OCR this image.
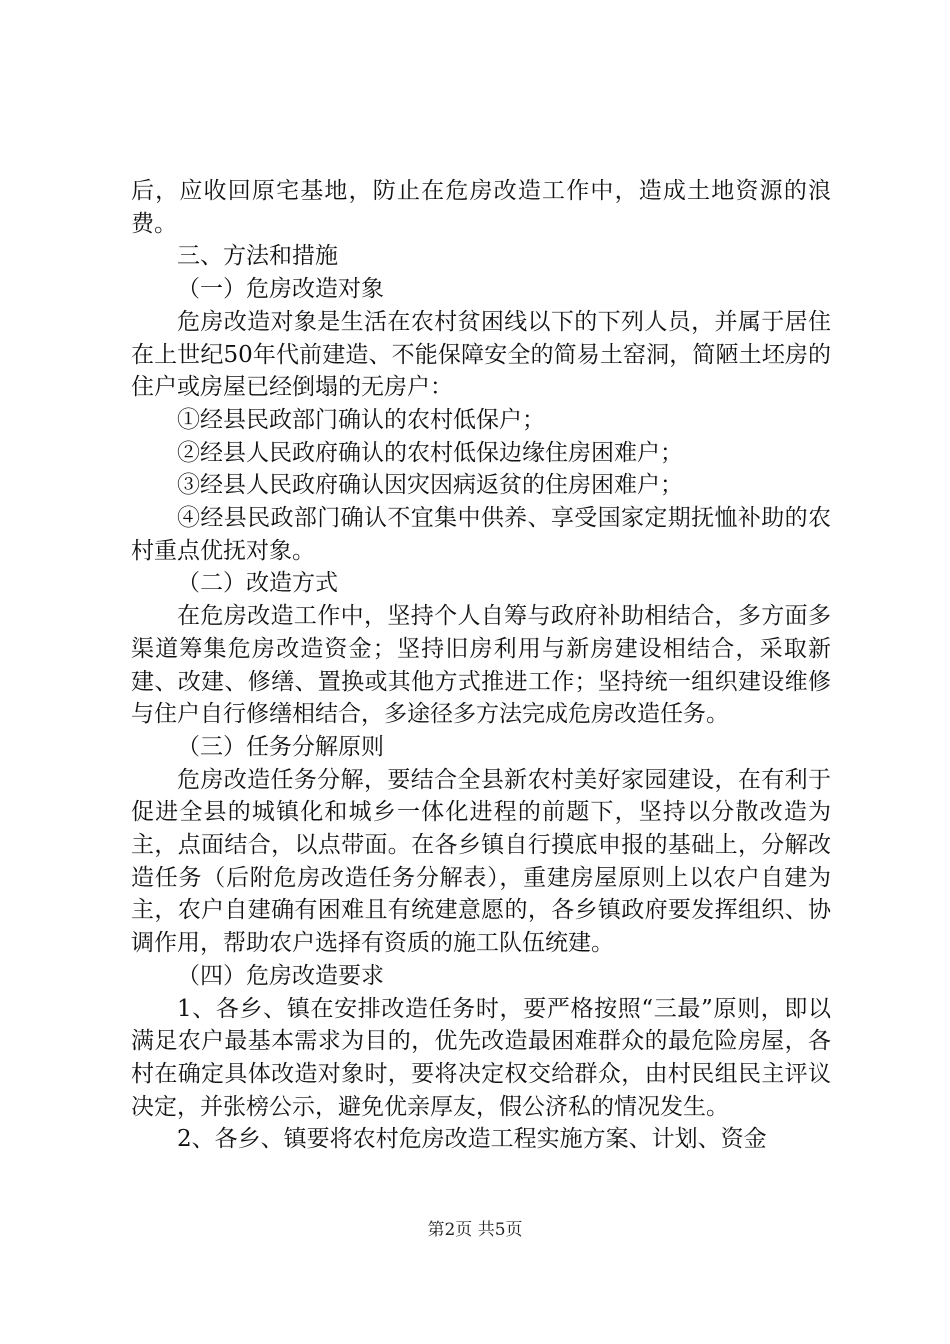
后，应收回原宅基地，防止在危房改造工作中，造成土地资源的浪费。

三、方法和措施

（一）危房改造对象

危房改造对象是生活在农村贫困线以下的下列人员，并属于居住在上世纪50年代前建造、不能保障安全的简易土窑洞，简陋土坯房的住户或房屋已经倒塌的无房户：

①经县民政部门确认的农村低保户；

②经县人民政府确认的农村低保边缘住房困难户；

③经县人民政府确认因灾因病返贫的住房困难户；

④经县民政部门确认不宜集中供养、享受国家定期抚恤补助的农村重点优抚对象。

（二）改造方式

在危房改造工作中，坚持个人自筹与政府补助相结合，多方面多渠道筹集危房改造资金；坚持旧房利用与新房建设相结合，采取新建、改建、修缮、置换或其他方式推进工作；坚持统一组织建设维修与住户自行修缮相结合，多途径多方法完成危房改造任务。

（三）任务分解原则

危房改造任务分解，要结合全县新农村美好家园建设，在有利于促进全县的城镇化和城乡一体化进程的前题下，坚持以分散改造为主，点面结合，以点带面。在各乡镇自行摸底申报的基础上，分解改造任务（后附危房改造任务分解表），重建房屋原则上以农户自建为主，农户自建确有困难且有统建意愿的，各乡镇政府要发挥组织、协调作用，帮助农户选择有资质的施工队伍统建。

（四）危房改造要求

1、各乡、镇在安排改造任务时，要严格按照“三最”原则，即以满足农户最基本需求为目的，优先改造最困难群众的最危险房屋，各村在确定具体改造对象时，要将决定权交给群众，由村民组民主评议决定，并张榜公示，避免优亲厚友，假公济私的情况发生。

2、各乡、镇要将农村危房改造工程实施方案、计划、资金

第2页 共5页
